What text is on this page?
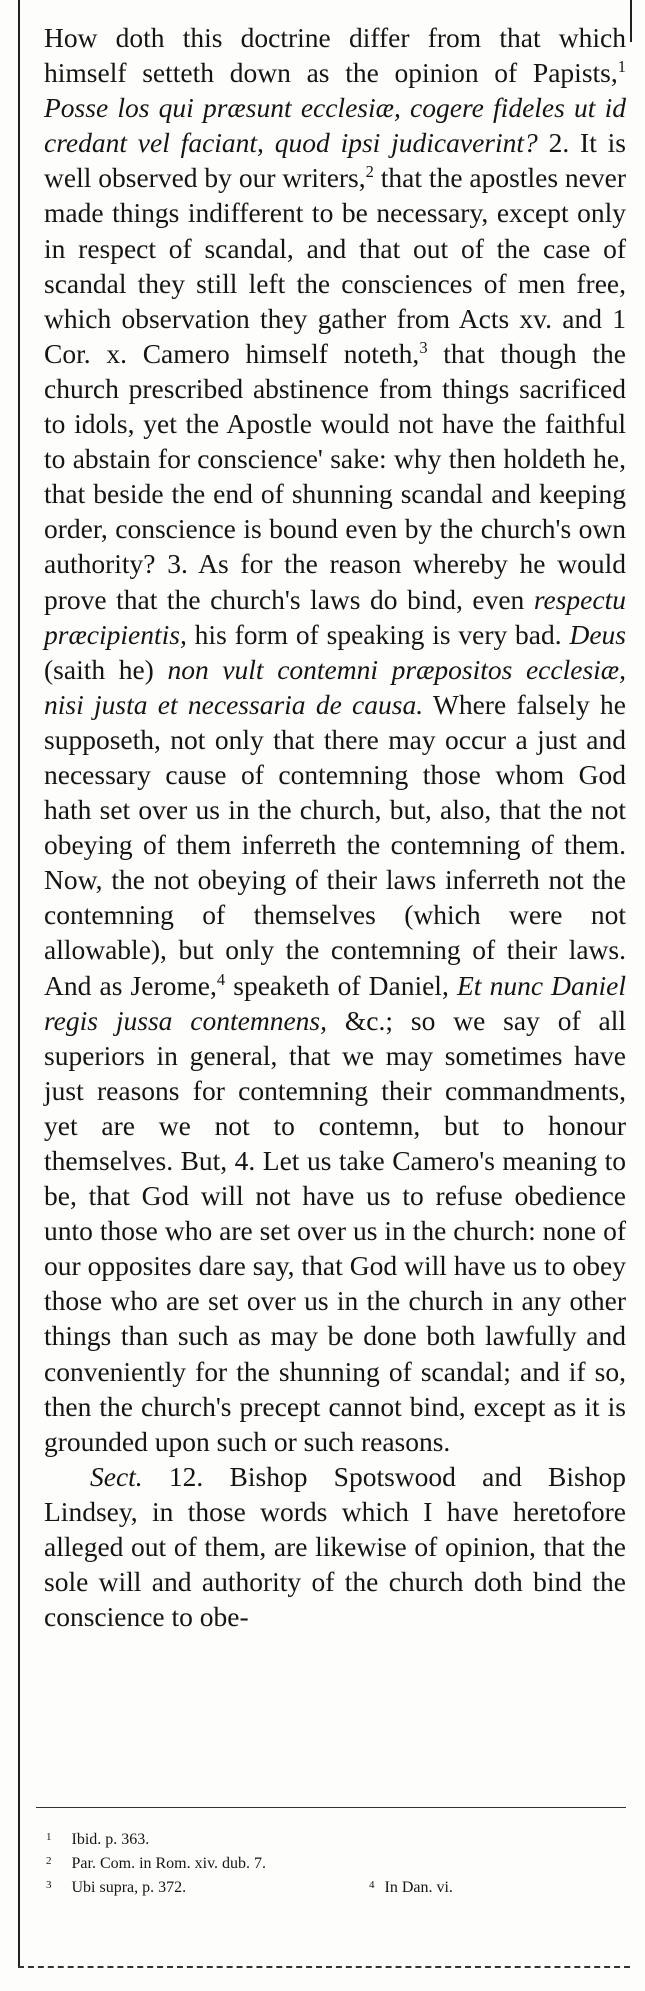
How doth this doctrine differ from that which himself setteth down as the opinion of Papists,$^1$ Posse los qui præsunt ecclesiæ, cogere fideles ut id credant vel faciant, quod ipsi judicaverint? 2. It is well observed by our writers,$^2$ that the apostles never made things indifferent to be necessary, except only in respect of scandal, and that out of the case of scandal they still left the consciences of men free, which observation they gather from Acts xv. and 1 Cor. x. Camero himself noteth,$^3$ that though the church prescribed abstinence from things sacrificed to idols, yet the Apostle would not have the faithful to abstain for conscience' sake: why then holdeth he, that beside the end of shunning scandal and keeping order, conscience is bound even by the church's own authority? 3. As for the reason whereby he would prove that the church's laws do bind, even respectu præcipientis, his form of speaking is very bad. Deus (saith he) non vult contemni præpositos ecclesiæ, nisi justa et necessaria de causa. Where falsely he supposeth, not only that there may occur a just and necessary cause of contemning those whom God hath set over us in the church, but, also, that the not obeying of them inferreth the contemning of them. Now, the not obeying of their laws inferreth not the contemning of themselves (which were not allowable), but only the contemning of their laws. And as Jerome,$^4$ speaketh of Daniel, Et nunc Daniel regis jussa contemnens, &c.; so we say of all superiors in general, that we may sometimes have just reasons for contemning their commandments, yet are we not to contemn, but to honour themselves. But, 4. Let us take Camero's meaning to be, that God will not have us to refuse obedience unto those who are set over us in the church: none of our opposites dare say, that God will have us to obey those who are set over us in the church in any other things than such as may be done both lawfully and conveniently for the shunning of scandal; and if so, then the church's precept cannot bind, except as it is grounded upon such or such reasons.

Sect. 12. Bishop Spotswood and Bishop Lindsey, in those words which I have heretofore alleged out of them, are likewise of opinion, that the sole will and authority of the church doth bind the conscience to obe-

$^1$ Ibid. p. 363.
$^2$ Par. Com. in Rom. xiv. dub. 7.
$^3$ Ubi supra, p. 372.	$^4$ In Dan. vi.
